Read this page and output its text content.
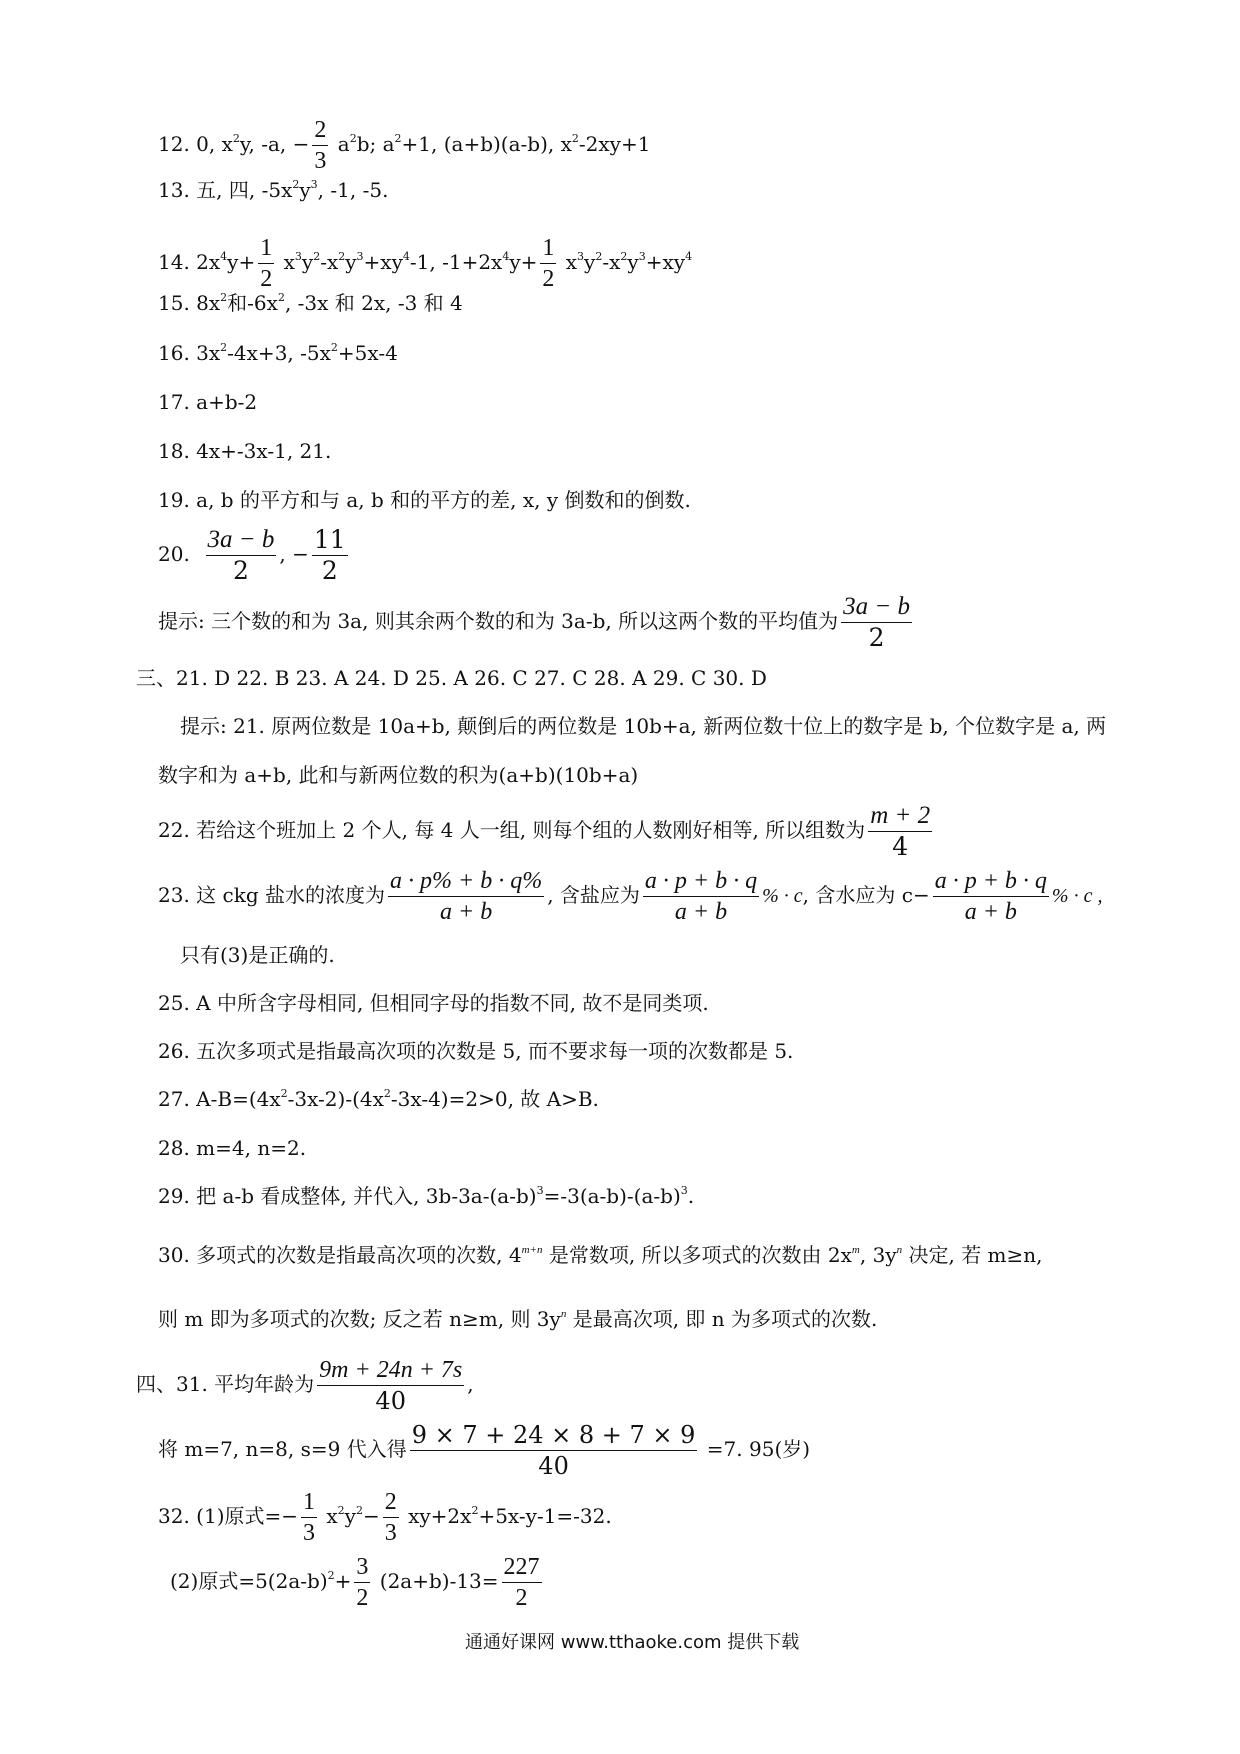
12. 0, $x^2y$, -a, − $\frac{2}{3} a^2b$; $a^2+1$, (a+b)(a-b), $x^2-2xy+1$
13. 五, 四, $-5x^2y^3$, -1, -5.
14. $2x^4y+ \frac{1}{2} x^3y^2-x^2y^3+xy^4-1$, $-1+2x^4y+ \frac{1}{2} x^3y^2-x^2y^3+xy^4$
15. $8x^2$和$-6x^2$, -3x 和 2x, -3 和 4
16. $3x^2-4x+3$, $-5x^2+5x-4$
17. a+b-2
18. 4x+-3x-1, 21.
19. a, b 的平方和与 a, b 和的平方的差, x, y 倒数和的倒数.
20. $\frac{3a - b}{2}$ , − $\frac{11}{2}$
提示: 三个数的和为 3a, 则其余两个数的和为 3a-b, 所以这两个数的平均值为 $\frac{3a - b}{2}$
三、21. D 22. B 23. A 24. D 25. A 26. C 27. C 28. A 29. C 30. D
提示: 21. 原两位数是 10a+b, 颠倒后的两位数是 10b+a, 新两位数十位上的数字是 b, 个位数字是 a, 两
数字和为 a+b, 此和与新两位数的积为(a+b)(10b+a)
22. 若给这个班加上 2 个人, 每 4 人一组, 则每个组的人数刚好相等, 所以组数为 $\frac{m + 2}{4}$
23. 这 ckg 盐水的浓度为 $\frac{a \cdot p\% + b \cdot q\%}{a + b}$ , 含盐应为 $\frac{a \cdot p + b \cdot q}{a + b}$ % · c, 含水应为 $c- \frac{a \cdot p + b \cdot q}{a + b}$ % · c ,
只有(3)是正确的.
25. A 中所含字母相同, 但相同字母的指数不同, 故不是同类项.
26. 五次多项式是指最高次项的次数是 5, 而不要求每一项的次数都是 5.
27. $A-B=(4x^2-3x-2)-(4x^2-3x-4)=2>0$, 故 A>B.
28. m=4, n=2.
29. 把 a-b 看成整体, 并代入, $3b-3a-(a-b)^3=-3(a-b)-(a-b)^3$.
30. 多项式的次数是指最高次项的次数, $4^{m+n}$ 是常数项, 所以多项式的次数由 $2x^m$, $3y^n$ 决定, 若 m≥n,
则 m 即为多项式的次数; 反之若 n≥m, 则 $3y^n$ 是最高次项, 即 n 为多项式的次数.
四、31. 平均年龄为 $\frac{9m + 24n + 7s}{40}$ ,
将 m=7, n=8, s=9 代入得 $\frac{9 \times 7 + 24 \times 8 + 7 \times 9}{40} =7$. 95(岁)
32. (1)原式=− $\frac{1}{3} x^2y^2- \frac{2}{3} xy+2x^2+5x-y-1=-32$.
(2)原式$=5(2a-b)^2+ \frac{3}{2} (2a+b)-13= \frac{227}{2}$
通通好课网 www.tthaoke.com 提供下载
